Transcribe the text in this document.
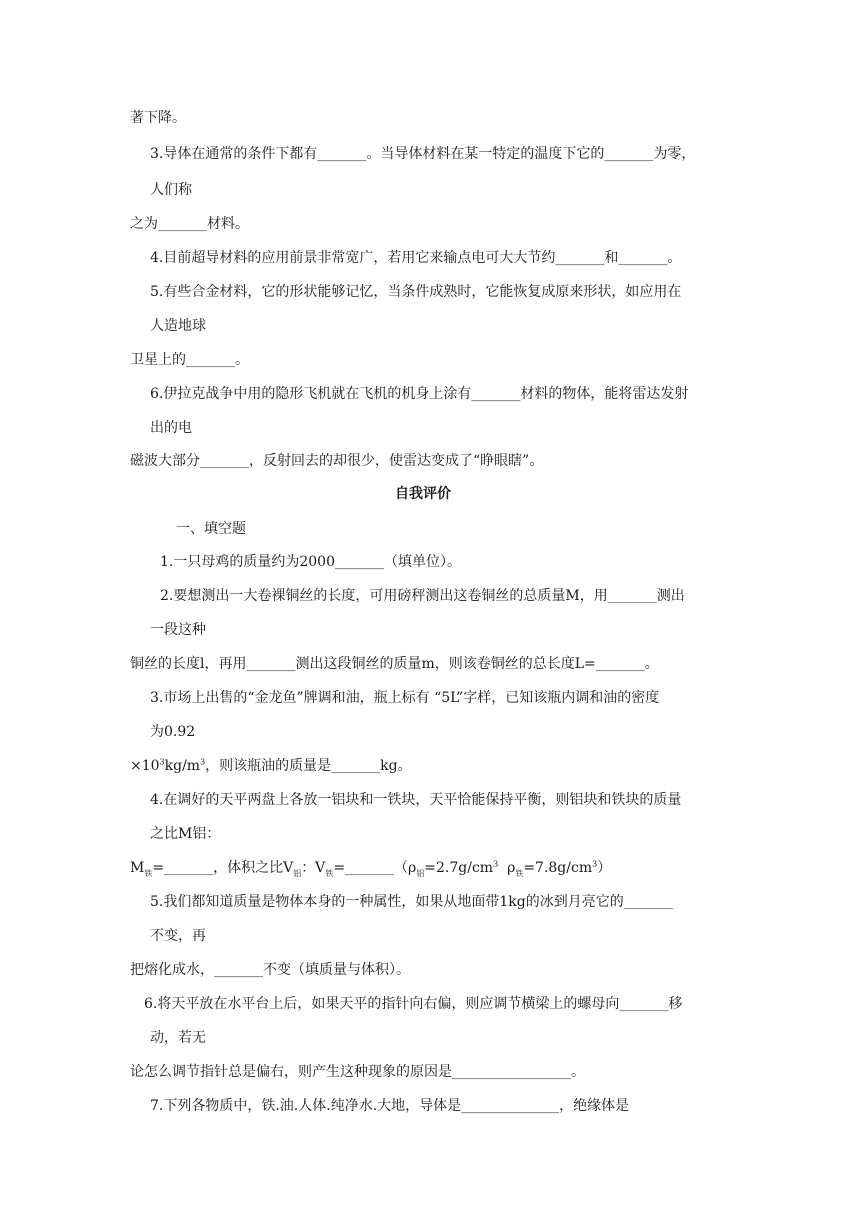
著下降。
3.导体在通常的条件下都有_______。当导体材料在某一特定的温度下它的_______为零，
人们称
之为_______材料。
4.目前超导材料的应用前景非常宽广，若用它来输点电可大大节约_______和_______。
5.有些合金材料，它的形状能够记忆，当条件成熟时，它能恢复成原来形状，如应用在
人造地球
卫星上的_______。
6.伊拉克战争中用的隐形飞机就在飞机的机身上涂有_______材料的物体，能将雷达发射
出的电
磁波大部分_______，反射回去的却很少，使雷达变成了“睁眼瞎”。
自我评价
一、填空题
1.一只母鸡的质量约为2000_______（填单位）。
2.要想测出一大卷裸铜丝的长度，可用磅秤测出这卷铜丝的总质量M，用_______测出
一段这种
铜丝的长度l，再用_______测出这段铜丝的质量m，则该卷铜丝的总长度L=_______。
3.市场上出售的“金龙鱼”牌调和油，瓶上标有 “5L”字样，已知该瓶内调和油的密度
为0.92
$\times 10^3kg/m^3$，则该瓶油的质量是_______kg。
4.在调好的天平两盘上各放一铝块和一铁块，天平恰能保持平衡，则铝块和铁块的质量
之比M铝：
$M_铁=\_\_\_\_\_\_\_$，体积之比$V_铝$：$V_铁=\_\_\_\_\_\_\_(\rho_铝=2.7g/cm^3$  $\rho_铁=7.8g/cm^3$）
5.我们都知道质量是物体本身的一种属性，如果从地面带1kg的冰到月亮它的_______
不变，再
把熔化成水，_______不变（填质量与体积）。
6.将天平放在水平台上后，如果天平的指针向右偏，则应调节横梁上的螺母向_______移
动，若无
论怎么调节指针总是偏右，则产生这种现象的原因是_________________。
7.下列各物质中，铁.油.人体.纯净水.大地，导体是______________，绝缘体是
